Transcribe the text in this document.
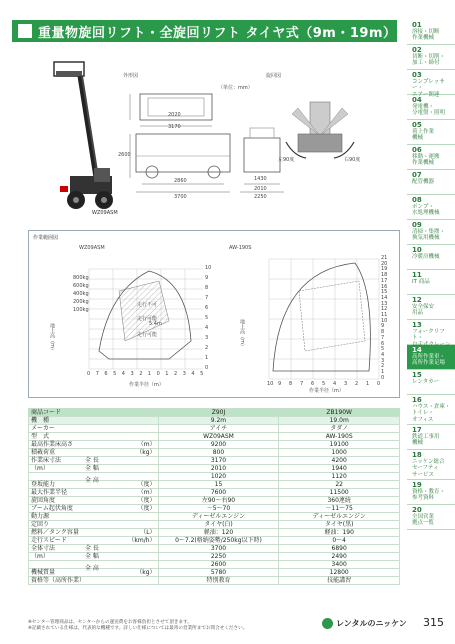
重量物旋回リフト・全旋回リフト タイヤ式（9m・19m）
01
溶接・切断
作業機械
02
切断・切削・
加工・締付
03
コンプレッサー・
エアー関連
04
発電機・
分電盤・照明
05
荷上作業
機械
06
移動・運搬
作業機械
07
配管機器
08
ポンプ・
水処理機械
09
清掃・集塵・
換気用機械
10
冷暖房機械
11
IT 商品
12
安全保安
用品
13
フォークリフト・
自走式クレーン
14
高所作業車・
高所作業足場
15
レンタカー
16
ハウス・倉庫・
トイレ・
オフィス
17
鉄道工事用
機械
18
ニッケン総合
セーフティ
サービス
19
資格・教育・
参考資料
20
全国営業
拠点一覧
WZ09ASM
外形図	旋回図
（単位：mm）
2020
3170
2600
2860
3700
1430
2010
2250
左90度	右90度
作業範囲図
WZ09ASM	AW-190S
800kg
600kg
400kg
200kg
100kg
走行不可
走行可能
走行可能
5.4m
地上高（m）	地上高（m）
作業半径（m）
作業半径（m）
10
9
8
7
6
5
4
3
2
1
0
0 7 6 5 4 3 2 1 0 1 2 3 4 5
21
20
19
18
17
16
15
14
13
12
11
10
9
8
7
6
5
4
3
2
1
0
10 9 8 7 6 5 4 3 2 1 0
商品コード	Z90J	ZB190W
機　種	9.2m	19.0m
メーカー	アイチ	タダノ
型　式	WZ09ASM	AW-190S
最高作業床高さ （m）	9200	19100
積載荷重 （kg）	800	1000
作業床寸法 全 長	3170	4200
（m） 全 幅	2010	1940

全 高	1020	1120
登坂能力 （度）	15	22
最大作業半径 （m）	7600	11500
旋回角度 （度）	左90～右90	360連続
ブーム起伏角度 （度）	－5～70	－11～75
動力源	ディーゼルエンジン	ディーゼルエンジン
定回り	タイヤ(白)	タイヤ(黒)
燃料／タンク容量 （L）	軽油：120	軽油：190
走行スピード （km/h）	0～7.2(格納姿勢/250kg以下時)	0～4
全体寸法 全 長	3700	6890
（m） 全 幅	2250	2490

全 高	2600	3400
機械質量 （kg）	5780	12800
資格等（高所作業）	特別教育	技能講習
※センター管理商品は、センターからの運送費をお客様負担とさせて頂きます。
※記載されている仕様は、代表的な機種です。詳しい仕様については最寄の営業所までお問合せください。
レンタルのニッケン 315
